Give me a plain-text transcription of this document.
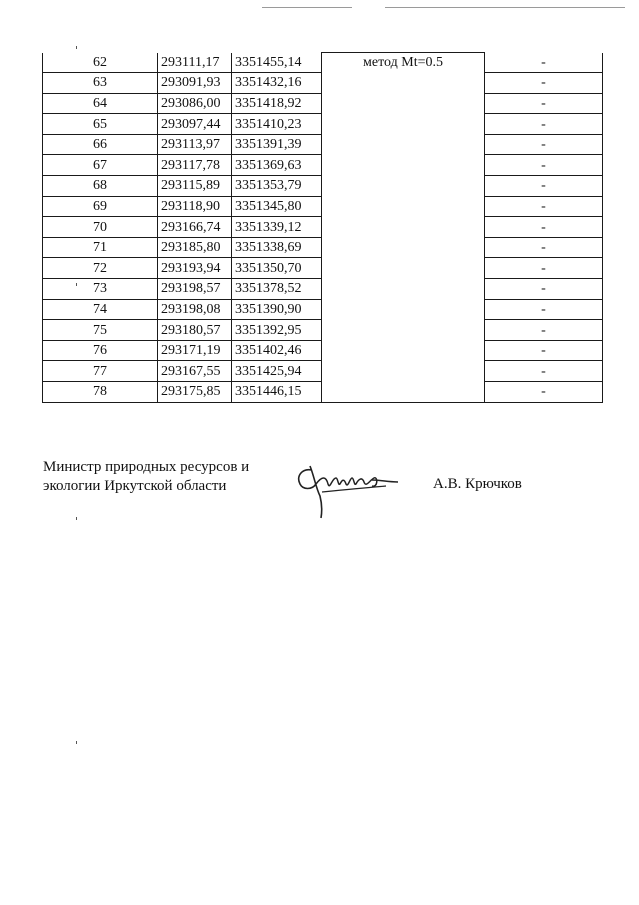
62	293111,17	3351455,14	метод Mt=0.5	-
63	293091,93	3351432,16		-
64	293086,00	3351418,92		-
65	293097,44	3351410,23		-
66	293113,97	3351391,39		-
67	293117,78	3351369,63		-
68	293115,89	3351353,79		-
69	293118,90	3351345,80		-
70	293166,74	3351339,12		-
71	293185,80	3351338,69		-
72	293193,94	3351350,70		-
73	293198,57	3351378,52		-
74	293198,08	3351390,90		-
75	293180,57	3351392,95		-
76	293171,19	3351402,46		-
77	293167,55	3351425,94		-
78	293175,85	3351446,15		-
Министр природных ресурсов и
экологии Иркутской области	А.В. Крючков
